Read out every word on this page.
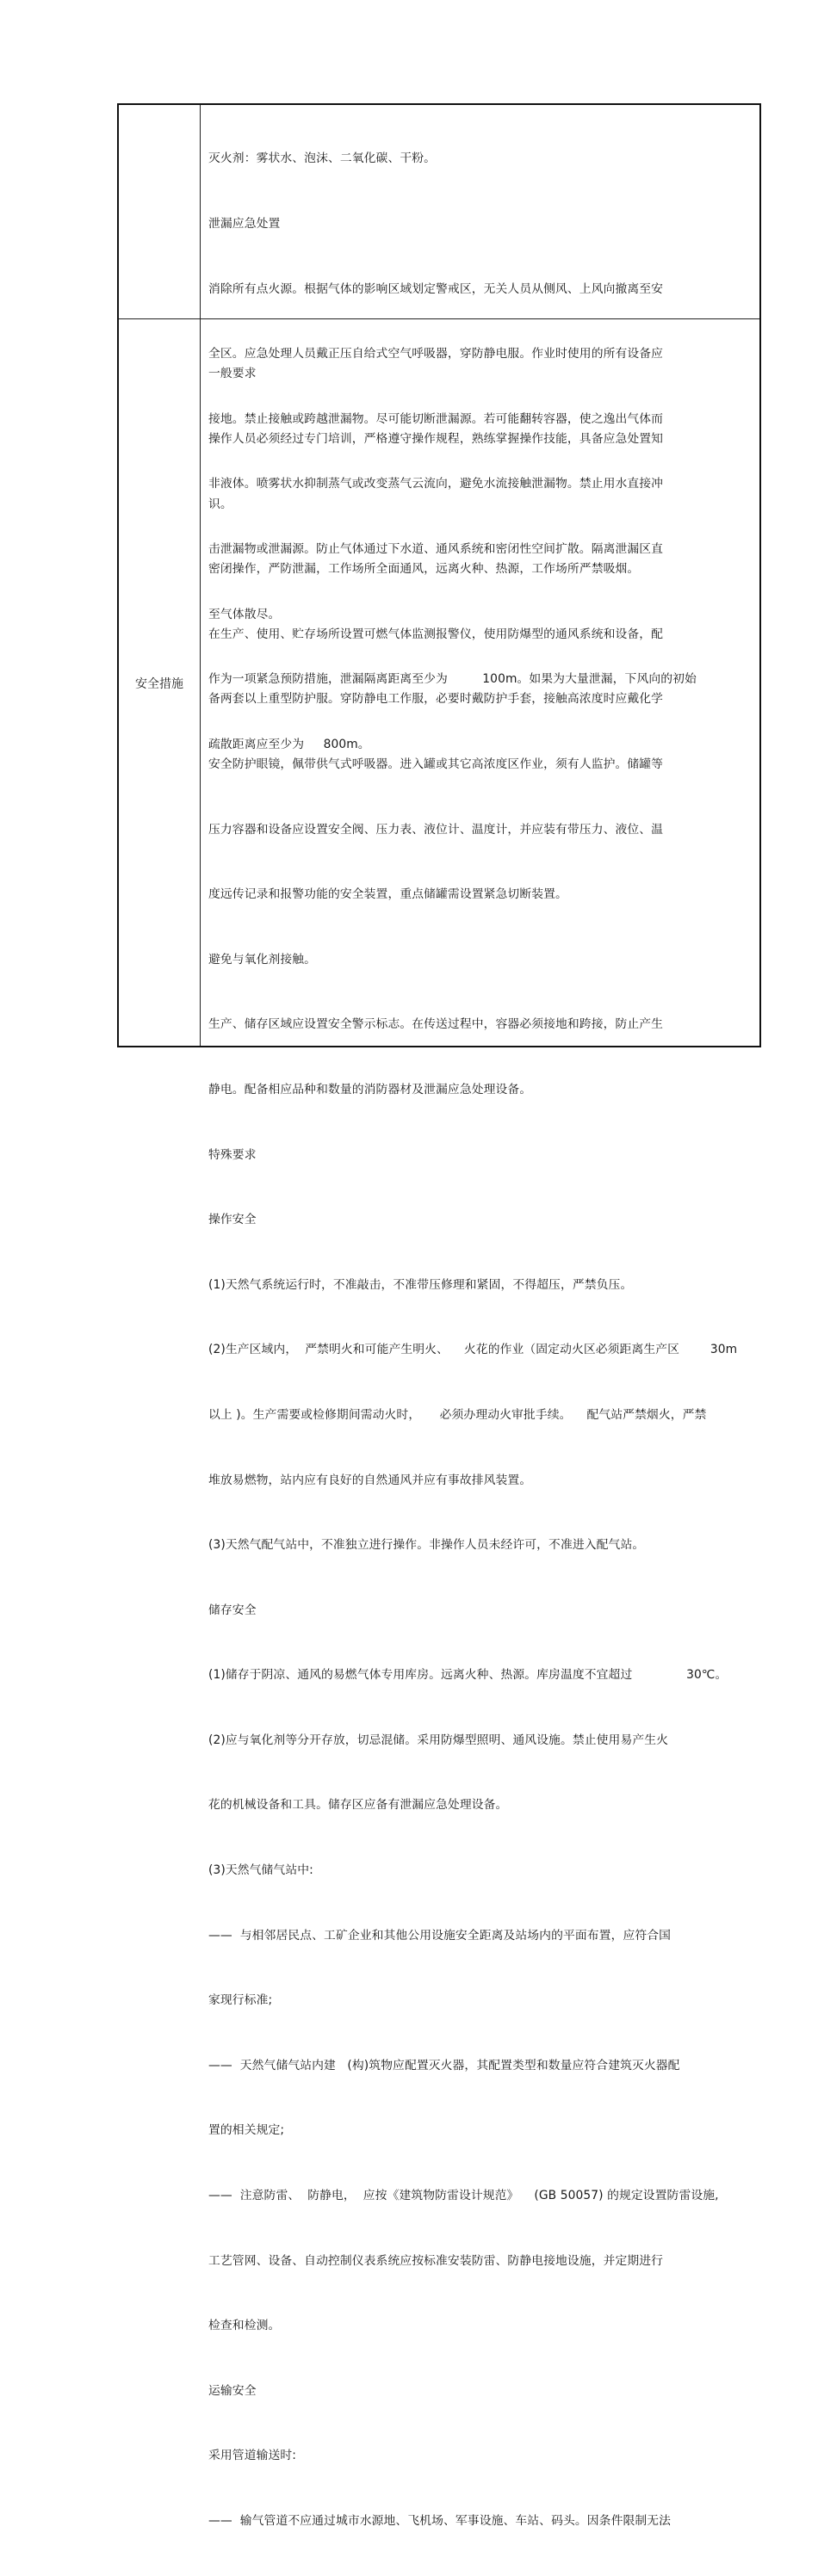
灭火剂：雾状水、泡沫、二氧化碳、干粉。

泄漏应急处置

消除所有点火源。根据气体的影响区域划定警戒区，无关人员从侧风、上风向撤离至安

全区。应急处理人员戴正压自给式空气呼吸器，穿防静电服。作业时使用的所有设备应

接地。禁止接触或跨越泄漏物。尽可能切断泄漏源。若可能翻转容器，使之逸出气体而

非液体。喷雾状水抑制蒸气或改变蒸气云流向，避免水流接触泄漏物。禁止用水直接冲

击泄漏物或泄漏源。防止气体通过下水道、通风系统和密闭性空间扩散。隔离泄漏区直

至气体散尽。

作为一项紧急预防措施，泄漏隔离距离至少为         100m。如果为大量泄漏，下风向的初始

疏散距离应至少为     800m。

安全措施

一般要求

操作人员必须经过专门培训，严格遵守操作规程，熟练掌握操作技能，具备应急处置知

识。

密闭操作，严防泄漏，工作场所全面通风，远离火种、热源，工作场所严禁吸烟。

在生产、使用、贮存场所设置可燃气体监测报警仪，使用防爆型的通风系统和设备，配

备两套以上重型防护服。穿防静电工作服，必要时戴防护手套，接触高浓度时应戴化学

安全防护眼镜，佩带供气式呼吸器。进入罐或其它高浓度区作业，须有人监护。储罐等

压力容器和设备应设置安全阀、压力表、液位计、温度计，并应装有带压力、液位、温

度远传记录和报警功能的安全装置，重点储罐需设置紧急切断装置。

避免与氧化剂接触。

生产、储存区域应设置安全警示标志。在传送过程中，容器必须接地和跨接，防止产生

静电。配备相应品种和数量的消防器材及泄漏应急处理设备。

特殊要求

操作安全

(1)天然气系统运行时，不准敲击，不准带压修理和紧固，不得超压，严禁负压。

(2)生产区域内，  严禁明火和可能产生明火、    火花的作业（固定动火区必须距离生产区        30m

以上 )。生产需要或检修期间需动火时，     必须办理动火审批手续。    配气站严禁烟火，严禁

堆放易燃物，站内应有良好的自然通风并应有事故排风装置。

(3)天然气配气站中，不准独立进行操作。非操作人员未经许可，不准进入配气站。

储存安全

(1)储存于阴凉、通风的易燃气体专用库房。远离火种、热源。库房温度不宜超过              30℃。

(2)应与氧化剂等分开存放，切忌混储。采用防爆型照明、通风设施。禁止使用易产生火

花的机械设备和工具。储存区应备有泄漏应急处理设备。

(3)天然气储气站中:

——  与相邻居民点、工矿企业和其他公用设施安全距离及站场内的平面布置，应符合国

家现行标准;

——  天然气储气站内建   (构)筑物应配置灭火器，其配置类型和数量应符合建筑灭火器配

置的相关规定;

——  注意防雷、  防静电，  应按《建筑物防雷设计规范》    (GB 50057) 的规定设置防雷设施,

工艺管网、设备、自动控制仪表系统应按标准安装防雷、防静电接地设施，并定期进行

检查和检测。

运输安全

采用管道输送时:

——  输气管道不应通过城市水源地、飞机场、军事设施、车站、码头。因条件限制无法
